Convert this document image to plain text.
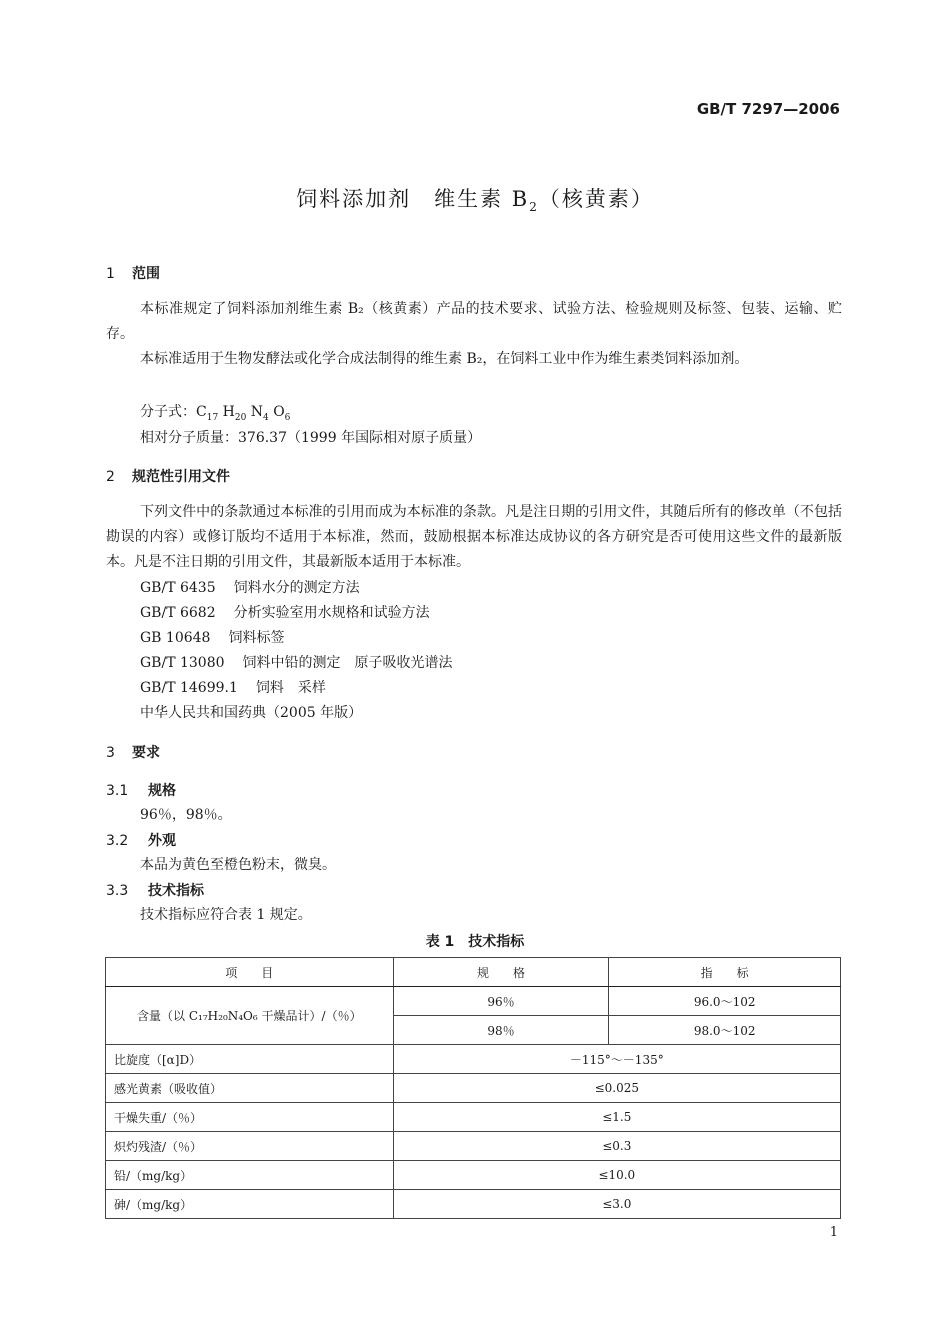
GB/T 7297—2006
饲料添加剂　维生素 $B_2$（核黄素）
1 范围
本标准规定了饲料添加剂维生素 B₂（核黄素）产品的技术要求、试验方法、检验规则及标签、包装、运输、贮存。
本标准适用于生物发酵法或化学合成法制得的维生素 B₂，在饲料工业中作为维生素类饲料添加剂。
分子式：$C_{17}$ $H_{20}$ $N_4$ $O_6$
相对分子质量：376.37（1999 年国际相对原子质量）
2 规范性引用文件
下列文件中的条款通过本标准的引用而成为本标准的条款。凡是注日期的引用文件，其随后所有的修改单（不包括勘误的内容）或修订版均不适用于本标准，然而，鼓励根据本标准达成协议的各方研究是否可使用这些文件的最新版本。凡是不注日期的引用文件，其最新版本适用于本标准。
GB/T 6435 饲料水分的测定方法
GB/T 6682 分析实验室用水规格和试验方法
GB 10648 饲料标签
GB/T 13080 饲料中铅的测定　原子吸收光谱法
GB/T 14699.1 饲料　采样
中华人民共和国药典（2005 年版）
3 要求
3.1 规格
96％，98％。
3.2 外观
本品为黄色至橙色粉末，微臭。
3.3 技术指标
技术指标应符合表 1 规定。
表 1　技术指标
项　　目	规　　格	指　　标
含量（以 C₁₇H₂₀N₄O₆ 干燥品计）/（％）	96％	96.0～102
	98％	98.0～102
比旋度（[α]D）	－115°～－135°	
感光黄素（吸收值）	≤0.025	
干燥失重/（％）	≤1.5	
炽灼残渣/（％）	≤0.3	
铅/（mg/kg）	≤10.0	
砷/（mg/kg）	≤3.0	
1
